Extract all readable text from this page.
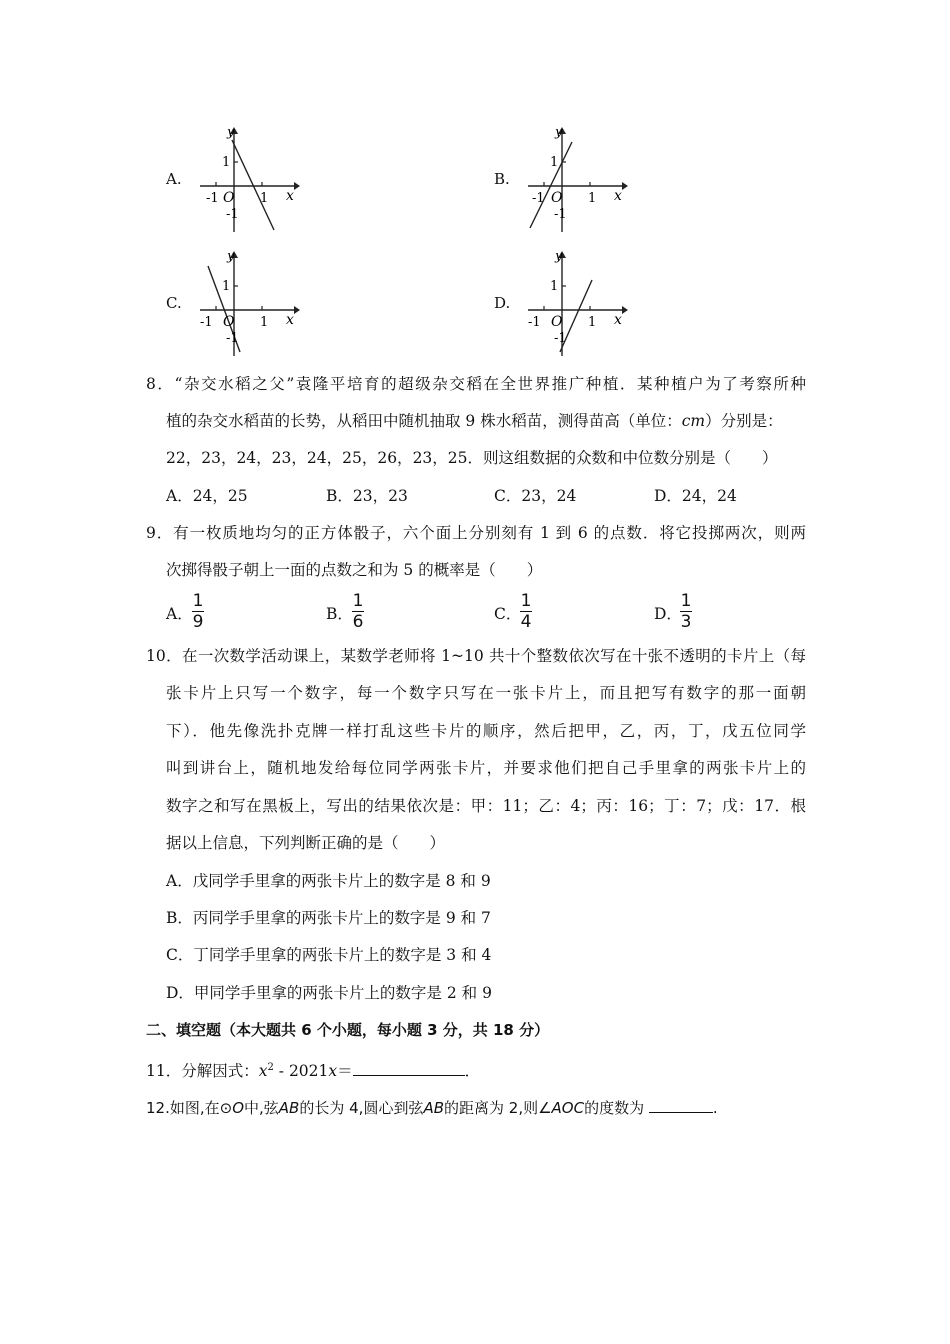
A.	B.
C.	D.
y
x
1
-1 O 1
-1
y
x
1
-1 O 1
-1
y
x
1
-1 O 1
-1
y
x
1
-1 O 1
-1
8．“杂交水稻之父”袁隆平培育的超级杂交稻在全世界推广种植．某种植户为了考察所种
植的杂交水稻苗的长势，从稻田中随机抽取 9 株水稻苗，测得苗高（单位：cm）分别是：
22，23，24，23，24，25，26，23，25．则这组数据的众数和中位数分别是（　　）
A．24，25	B．23，23	C．23，24	D．24，24
9．有一枚质地均匀的正方体骰子，六个面上分别刻有 1 到 6 的点数．将它投掷两次，则两
次掷得骰子朝上一面的点数之和为 5 的概率是（　　）
A．
1
9	B．
1
6	C．
1
4	D．
1
3
10．在一次数学活动课上，某数学老师将 1~10 共十个整数依次写在十张不透明的卡片上（每
张卡片上只写一个数字，每一个数字只写在一张卡片上，而且把写有数字的那一面朝
下）．他先像洗扑克牌一样打乱这些卡片的顺序，然后把甲，乙，丙，丁，戊五位同学
叫到讲台上，随机地发给每位同学两张卡片，并要求他们把自己手里拿的两张卡片上的
数字之和写在黑板上，写出的结果依次是：甲：11；乙：4；丙：16；丁：7；戊：17．根
据以上信息，下列判断正确的是（　　）
A．戊同学手里拿的两张卡片上的数字是 8 和 9
B．丙同学手里拿的两张卡片上的数字是 9 和 7
C．丁同学手里拿的两张卡片上的数字是 3 和 4
D．甲同学手里拿的两张卡片上的数字是 2 和 9
二、填空题（本大题共 6 个小题，每小题 3 分，共 18 分）
11．分解因式：$x^2 - 2021x=$	．
12.如图,在⊙O中,弦AB的长为 4,圆心到弦AB的距离为 2,则∠AOC的度数为	.
